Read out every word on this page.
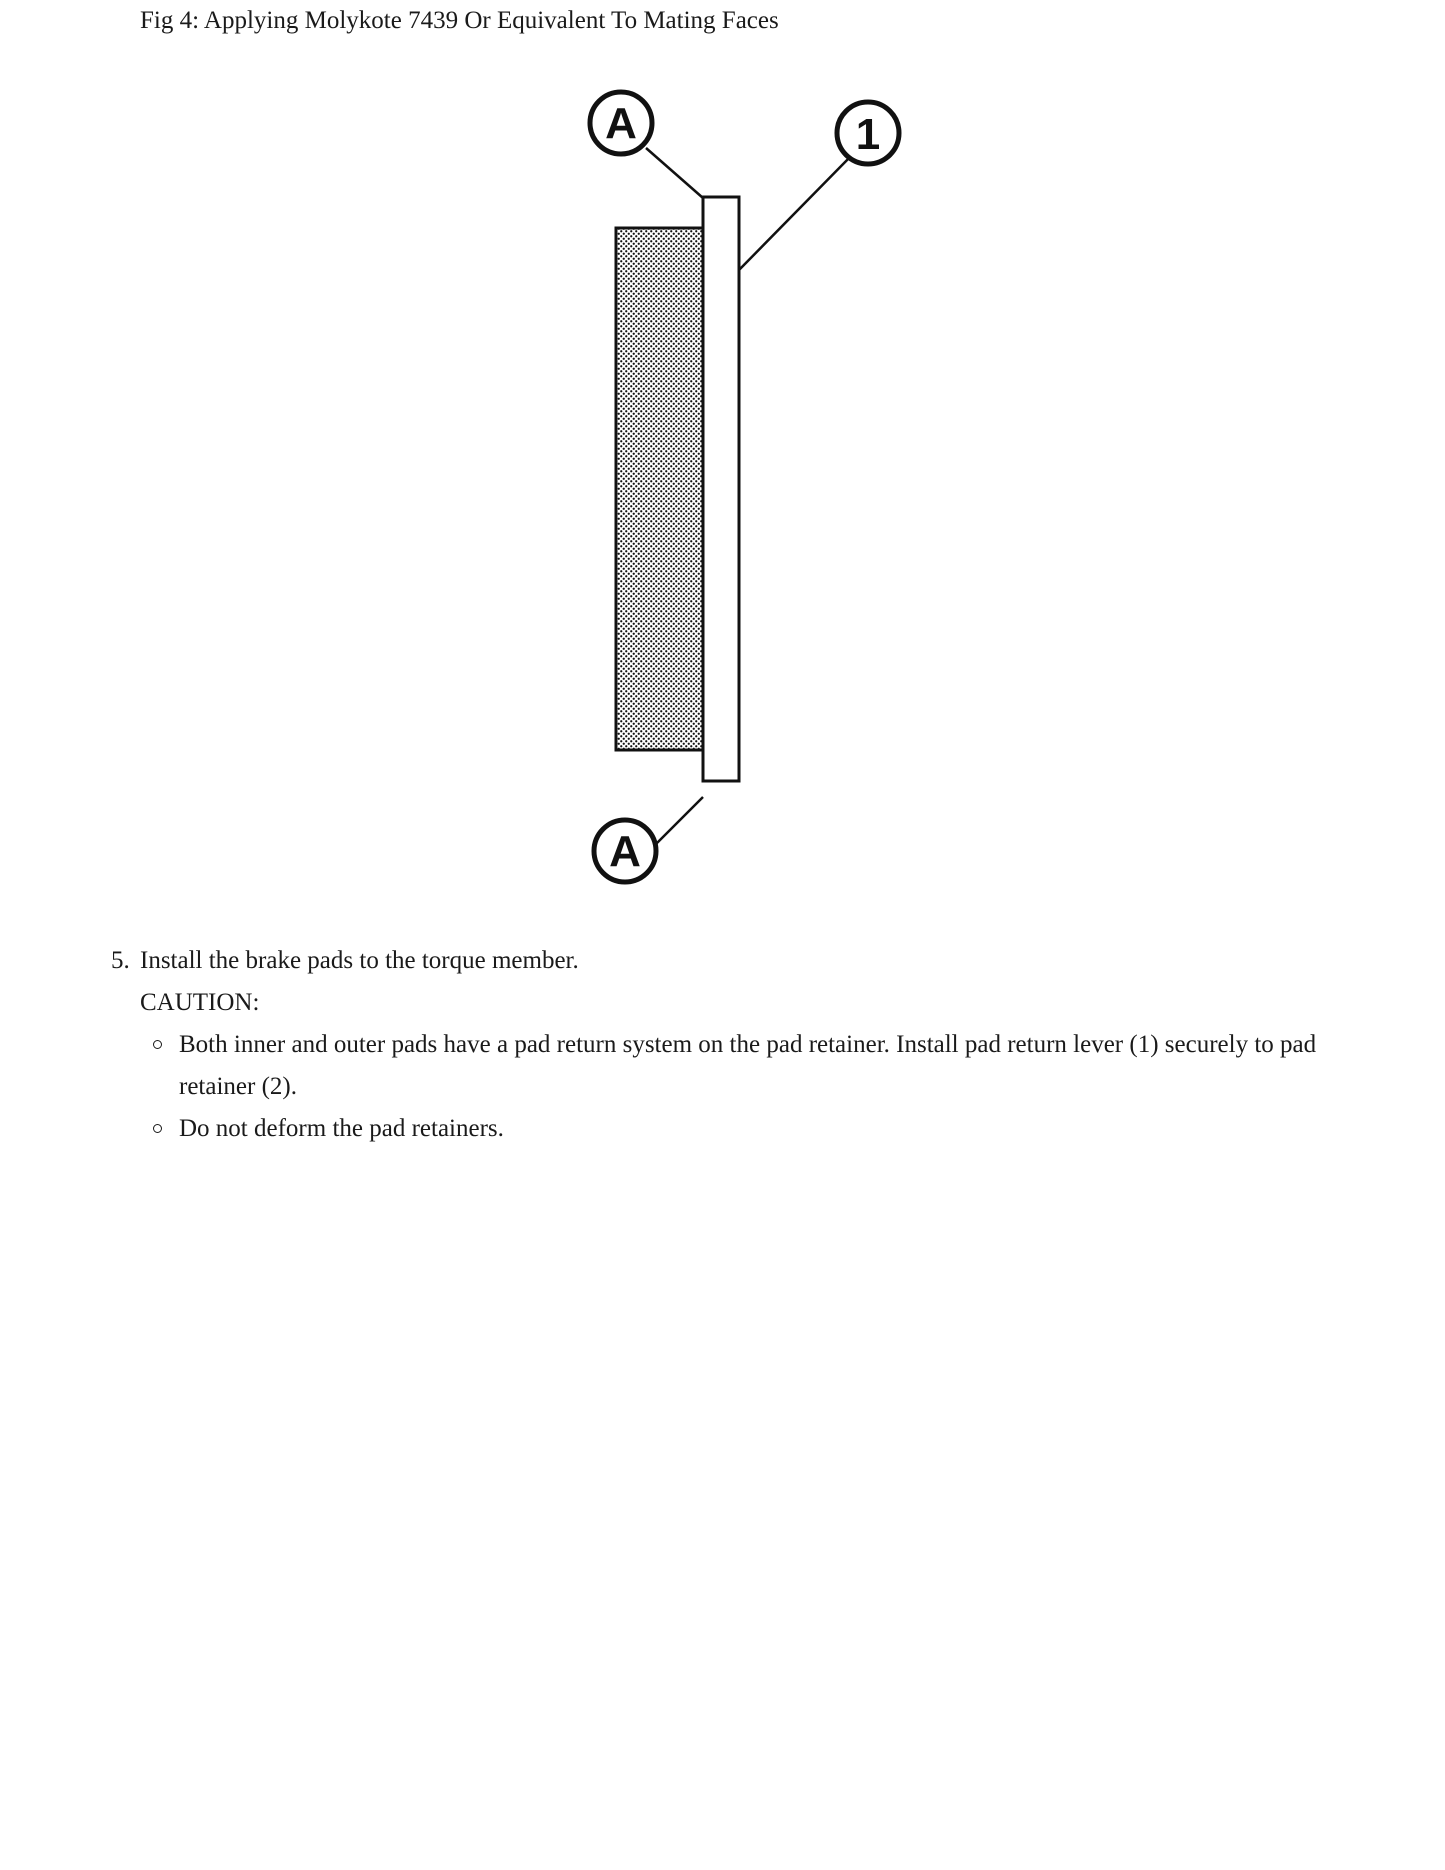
Fig 4: Applying Molykote 7439 Or Equivalent To Mating Faces
A	1
A
5. Install the brake pads to the torque member.
CAUTION:
Both inner and outer pads have a pad return system on the pad retainer. Install pad return lever (1) securely to pad retainer (2).
Do not deform the pad retainers.
